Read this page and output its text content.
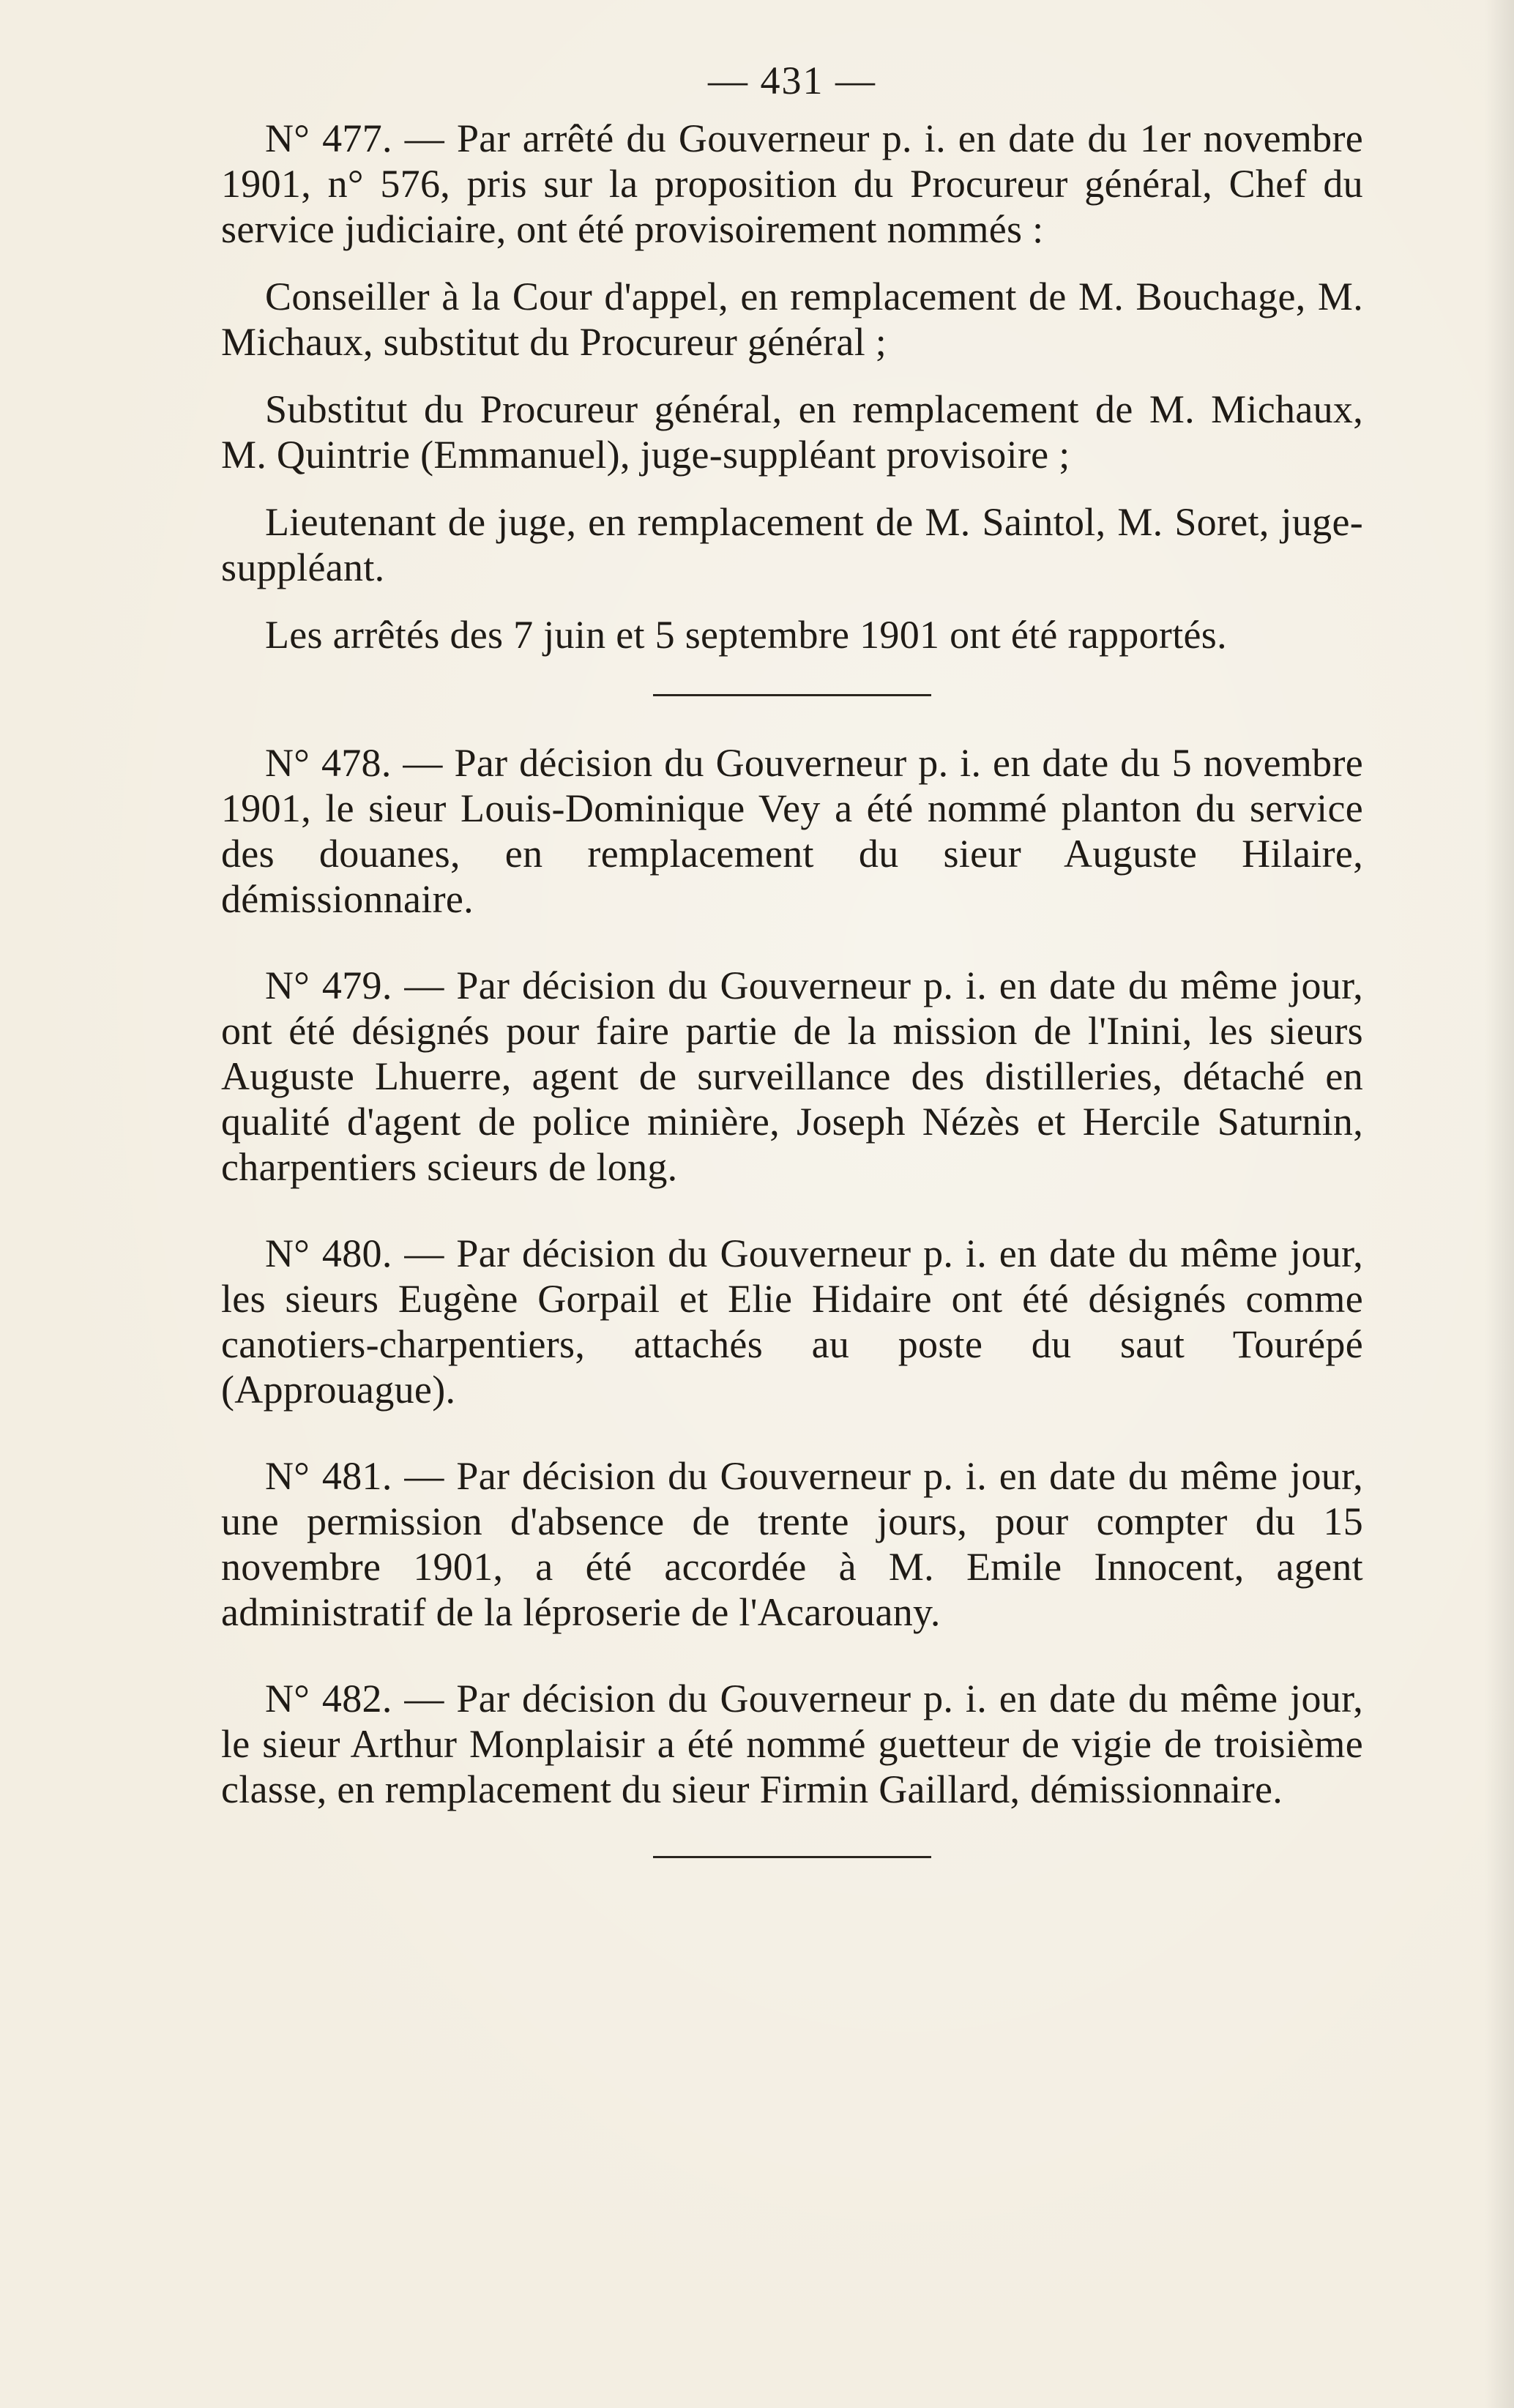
— 431 —

N° 477. — Par arrêté du Gouverneur p. i. en date du 1er novembre 1901, n° 576, pris sur la proposition du Procureur général, Chef du service judiciaire, ont été provisoirement nommés :

Conseiller à la Cour d'appel, en remplacement de M. Bouchage, M. Michaux, substitut du Procureur général ;

Substitut du Procureur général, en remplacement de M. Michaux, M. Quintrie (Emmanuel), juge-suppléant provisoire ;

Lieutenant de juge, en remplacement de M. Saintol, M. Soret, juge-suppléant.

Les arrêtés des 7 juin et 5 septembre 1901 ont été rapportés.

N° 478. — Par décision du Gouverneur p. i. en date du 5 novembre 1901, le sieur Louis-Dominique Vey a été nommé planton du service des douanes, en remplacement du sieur Auguste Hilaire, démissionnaire.

N° 479. — Par décision du Gouverneur p. i. en date du même jour, ont été désignés pour faire partie de la mission de l'Inini, les sieurs Auguste Lhuerre, agent de surveillance des distilleries, détaché en qualité d'agent de police minière, Joseph Nézès et Hercile Saturnin, charpentiers scieurs de long.

N° 480. — Par décision du Gouverneur p. i. en date du même jour, les sieurs Eugène Gorpail et Elie Hidaire ont été désignés comme canotiers-charpentiers, attachés au poste du saut Tourépé (Approuague).

N° 481. — Par décision du Gouverneur p. i. en date du même jour, une permission d'absence de trente jours, pour compter du 15 novembre 1901, a été accordée à M. Emile Innocent, agent administratif de la léproserie de l'Acarouany.

N° 482. — Par décision du Gouverneur p. i. en date du même jour, le sieur Arthur Monplaisir a été nommé guetteur de vigie de troisième classe, en remplacement du sieur Firmin Gaillard, démissionnaire.
